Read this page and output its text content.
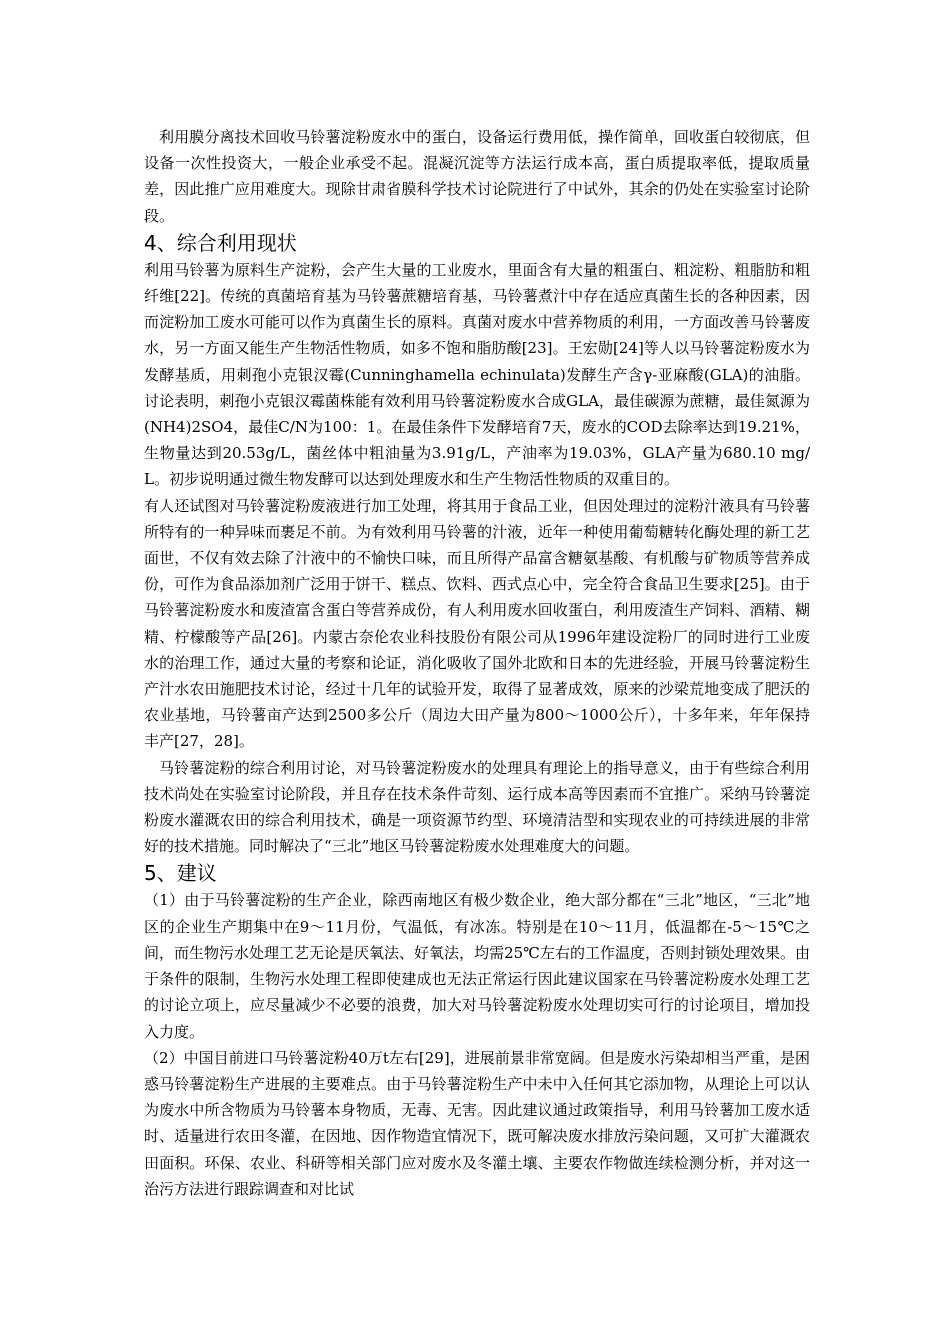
利用膜分离技术回收马铃薯淀粉废水中的蛋白，设备运行费用低，操作简单，回收蛋白较彻底，但设备一次性投资大，一般企业承受不起。混凝沉淀等方法运行成本高，蛋白质提取率低，提取质量差，因此推广应用难度大。现除甘肃省膜科学技术讨论院进行了中试外，其余的仍处在实验室讨论阶段。

4、综合利用现状

利用马铃薯为原料生产淀粉，会产生大量的工业废水，里面含有大量的粗蛋白、粗淀粉、粗脂肪和粗纤维[22]。传统的真菌培育基为马铃薯蔗糖培育基，马铃薯煮汁中存在适应真菌生长的各种因素，因而淀粉加工废水可能可以作为真菌生长的原料。真菌对废水中营养物质的利用，一方面改善马铃薯废水，另一方面又能生产生物活性物质，如多不饱和脂肪酸[23]。王宏勋[24]等人以马铃薯淀粉废水为发酵基质，用刺孢小克银汉霉(Cunninghamella echinulata)发酵生产含γ-亚麻酸(GLA)的油脂。讨论表明，刺孢小克银汉霉菌株能有效利用马铃薯淀粉废水合成GLA，最佳碳源为蔗糖，最佳氮源为(NH4)2SO4，最佳C/N为100：1。在最佳条件下发酵培育7天，废水的COD去除率达到19.21%，生物量达到20.53g/L，菌丝体中粗油量为3.91g/L，产油率为19.03%，GLA产量为680.10 mg/L。初步说明通过微生物发酵可以达到处理废水和生产生物活性物质的双重目的。

有人还试图对马铃薯淀粉废液进行加工处理，将其用于食品工业，但因处理过的淀粉汁液具有马铃薯所特有的一种异味而裹足不前。为有效利用马铃薯的汁液，近年一种使用葡萄糖转化酶处理的新工艺面世，不仅有效去除了汁液中的不愉快口味，而且所得产品富含糖氨基酸、有机酸与矿物质等营养成份，可作为食品添加剂广泛用于饼干、糕点、饮料、西式点心中，完全符合食品卫生要求[25]。由于马铃薯淀粉废水和废渣富含蛋白等营养成份，有人利用废水回收蛋白，利用废渣生产饲料、酒精、糊精、柠檬酸等产品[26]。内蒙古奈伦农业科技股份有限公司从1996年建设淀粉厂的同时进行工业废水的治理工作，通过大量的考察和论证，消化吸收了国外北欧和日本的先进经验，开展马铃薯淀粉生产汁水农田施肥技术讨论，经过十几年的试验开发，取得了显著成效，原来的沙梁荒地变成了肥沃的农业基地，马铃薯亩产达到2500多公斤（周边大田产量为800～1000公斤），十多年来，年年保持丰产[27，28]。

马铃薯淀粉的综合利用讨论，对马铃薯淀粉废水的处理具有理论上的指导意义，由于有些综合利用技术尚处在实验室讨论阶段，并且存在技术条件苛刻、运行成本高等因素而不宜推广。采纳马铃薯淀粉废水灌溉农田的综合利用技术，确是一项资源节约型、环境清洁型和实现农业的可持续进展的非常好的技术措施。同时解决了“三北”地区马铃薯淀粉废水处理难度大的问题。

5、建议

（1）由于马铃薯淀粉的生产企业，除西南地区有极少数企业，绝大部分都在“三北”地区，“三北”地区的企业生产期集中在9～11月份，气温低，有冰冻。特别是在10～11月，低温都在-5～15℃之间，而生物污水处理工艺无论是厌氧法、好氧法，均需25℃左右的工作温度，否则封锁处理效果。由于条件的限制，生物污水处理工程即使建成也无法正常运行因此建议国家在马铃薯淀粉废水处理工艺的讨论立项上，应尽量减少不必要的浪费，加大对马铃薯淀粉废水处理切实可行的讨论项目，增加投入力度。

（2）中国目前进口马铃薯淀粉40万t左右[29]，进展前景非常宽阔。但是废水污染却相当严重，是困惑马铃薯淀粉生产进展的主要难点。由于马铃薯淀粉生产中未中入任何其它添加物，从理论上可以认为废水中所含物质为马铃薯本身物质，无毒、无害。因此建议通过政策指导，利用马铃薯加工废水适时、适量进行农田冬灌，在因地、因作物造宜情况下，既可解决废水排放污染问题，又可扩大灌溉农田面积。环保、农业、科研等相关部门应对废水及冬灌土壤、主要农作物做连续检测分析，并对这一治污方法进行跟踪调查和对比试
